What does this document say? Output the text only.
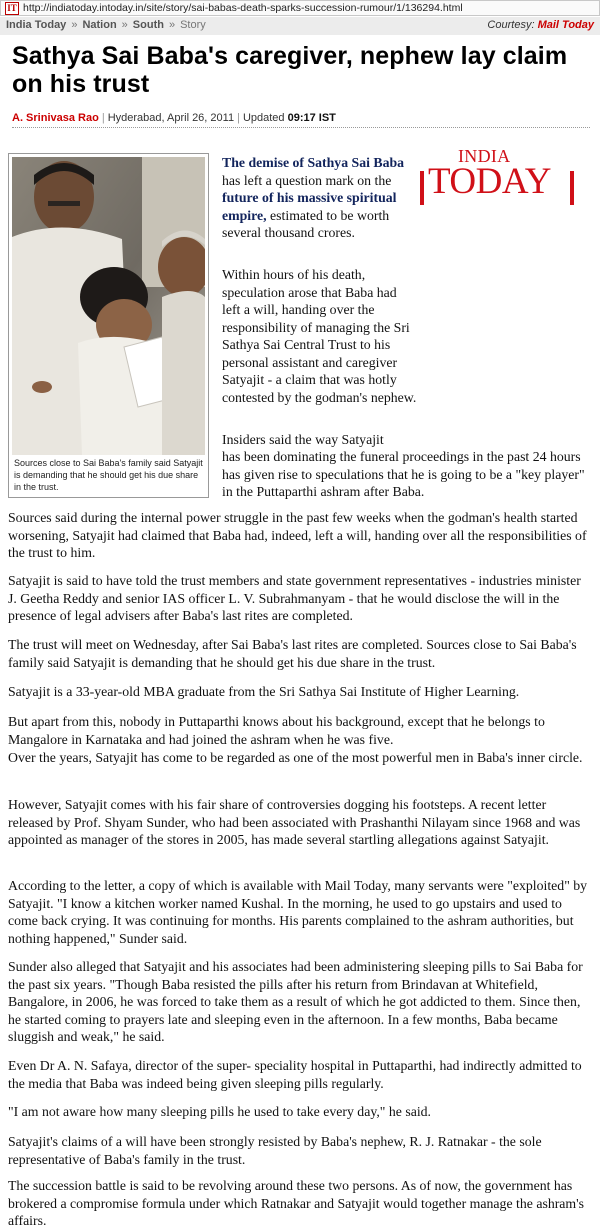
IT http://indiatoday.intoday.in/site/story/sai-babas-death-sparks-succession-rumour/1/136294.html
India Today » Nation » South » Story	Courtesy: Mail Today
Sathya Sai Baba's caregiver, nephew lay claim on his trust
A. Srinivasa Rao | Hyderabad, April 26, 2011 | Updated 09:17 IST
Sources close to Sai Baba's family said Satyajit is demanding that he should get his due share in the trust.
INDIA
TODAY

The demise of Sathya Sai Baba has left a question mark on the future of his massive spiritual empire, estimated to be worth several thousand crores.

Within hours of his death, speculation arose that Baba had left a will, handing over the responsibility of managing the Sri Sathya Sai Central Trust to his personal assistant and caregiver Satyajit - a claim that was hotly contested by the godman's nephew.

Insiders said the way Satyajit

has been dominating the funeral proceedings in the past 24 hours has given rise to speculations that he is going to be a "key player" in the Puttaparthi ashram after Baba.

Sources said during the internal power struggle in the past few weeks when the godman's health started worsening, Satyajit had claimed that Baba had, indeed, left a will, handing over all the responsibilities of the trust to him.

Satyajit is said to have told the trust members and state government representatives - industries minister J. Geetha Reddy and senior IAS officer L. V. Subrahmanyam - that he would disclose the will in the presence of legal advisers after Baba's last rites are completed.

The trust will meet on Wednesday, after Sai Baba's last rites are completed. Sources close to Sai Baba's family said Satyajit is demanding that he should get his due share in the trust.

Satyajit is a 33-year-old MBA graduate from the Sri Sathya Sai Institute of Higher Learning.

But apart from this, nobody in Puttaparthi knows about his background, except that he belongs to Mangalore in Karnataka and had joined the ashram when he was five.

Over the years, Satyajit has come to be regarded as one of the most powerful men in Baba's inner circle.

However, Satyajit comes with his fair share of controversies dogging his footsteps. A recent letter released by Prof. Shyam Sunder, who had been associated with Prashanthi Nilayam since 1968 and was appointed as manager of the stores in 2005, has made several startling allegations against Satyajit.

According to the letter, a copy of which is available with Mail Today, many servants were "exploited" by Satyajit. "I know a kitchen worker named Kushal. In the morning, he used to go upstairs and used to come back crying. It was continuing for months. His parents complained to the ashram authorities, but nothing happened," Sunder said.

Sunder also alleged that Satyajit and his associates had been administering sleeping pills to Sai Baba for the past six years. "Though Baba resisted the pills after his return from Brindavan at Whitefield, Bangalore, in 2006, he was forced to take them as a result of which he got addicted to them. Since then, he started coming to prayers late and sleeping even in the afternoon. In a few months, Baba became sluggish and weak," he said.

Even Dr A. N. Safaya, director of the super- speciality hospital in Puttaparthi, had indirectly admitted to the media that Baba was indeed being given sleeping pills regularly.

"I am not aware how many sleeping pills he used to take every day," he said.

Satyajit's claims of a will have been strongly resisted by Baba's nephew, R. J. Ratnakar - the sole representative of Baba's family in the trust.

The succession battle is said to be revolving around these two persons. As of now, the government has brokered a compromise formula under which Ratnakar and Satyajit would together manage the ashram's affairs.
